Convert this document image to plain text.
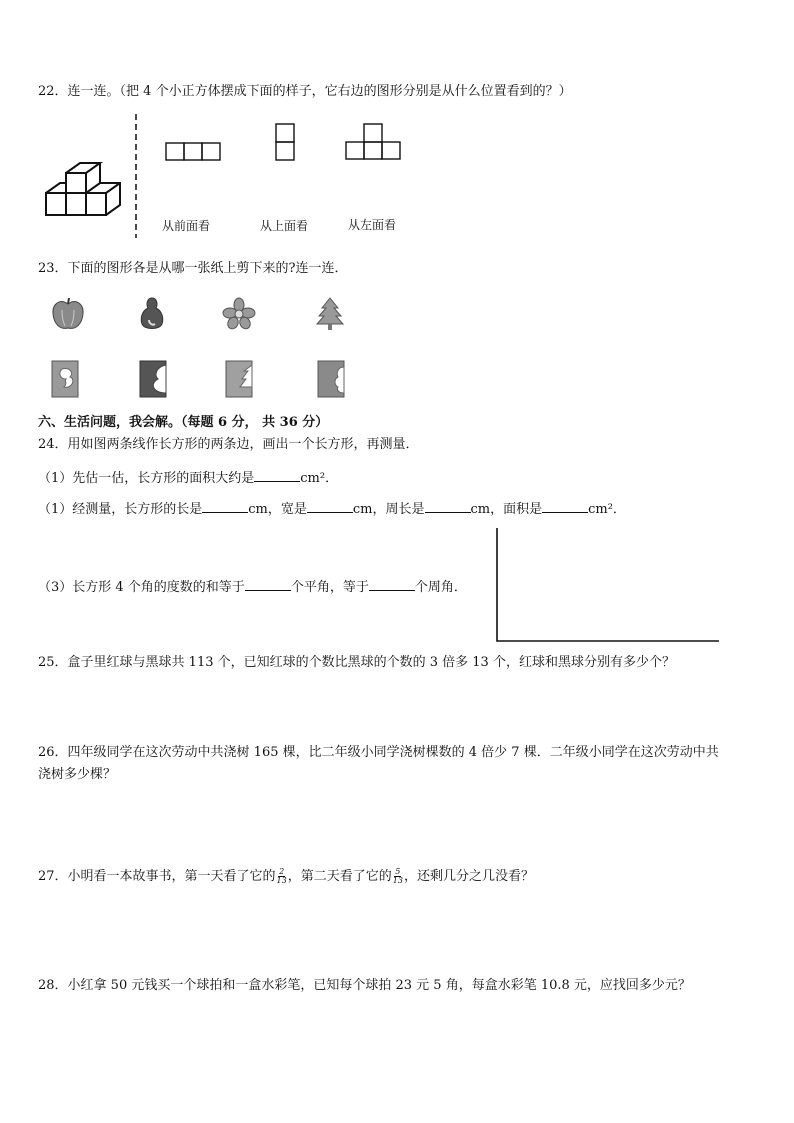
22．连一连。（把 4 个小正方体摆成下面的样子，它右边的图形分别是从什么位置看到的？）
从前面看	从上面看	从左面看
23．下面的图形各是从哪一张纸上剪下来的?连一连．
六、生活问题，我会解。（每题 6 分， 共 36 分）
24．用如图两条线作长方形的两条边，画出一个长方形，再测量．
（1）先估一估，长方形的面积大约是	cm²．
（1）经测量，长方形的长是	cm，宽是	cm，周长是	cm，面积是	cm²．
（3）长方形 4 个角的度数的和等于	个平角，等于	个周角．
25．盒子里红球与黑球共 113 个，已知红球的个数比黑球的个数的 3 倍多 13 个，红球和黑球分别有多少个？
26．四年级同学在这次劳动中共浇树 165 棵，比二年级小同学浇树棵数的 4 倍少 7 棵．二年级小同学在这次劳动中共
浇树多少棵？
27．小明看一本故事书，第一天看了它的 $\frac{2}{13}$ ，第二天看了它的 $\frac{5}{13}$ ，还剩几分之几没看？
28．小红拿 50 元钱买一个球拍和一盒水彩笔，已知每个球拍 23 元 5 角，每盒水彩笔 10.8 元，应找回多少元？
